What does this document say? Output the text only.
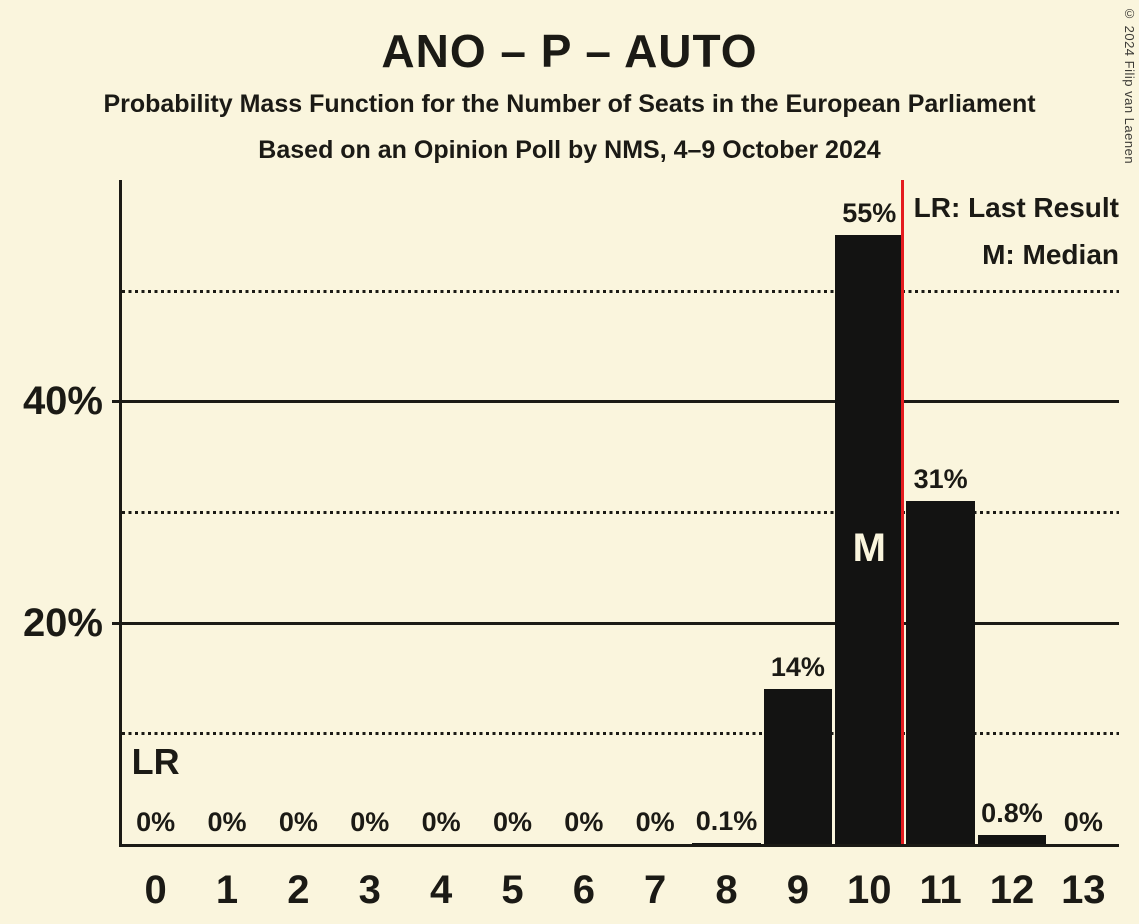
ANO – P – AUTO
Probability Mass Function for the Number of Seats in the European Parliament
Based on an Opinion Poll by NMS, 4–9 October 2024
LR: Last Result
M: Median
© 2024 Filip van Laenen
M
LR
0%	0%	0%	0%	0%	0%	0%	0% 0.1%
14%
55%
31%
0.8% 0%
0	1	2	3	4	5	6	7	8	9 10 11 12 13
20%
40%
